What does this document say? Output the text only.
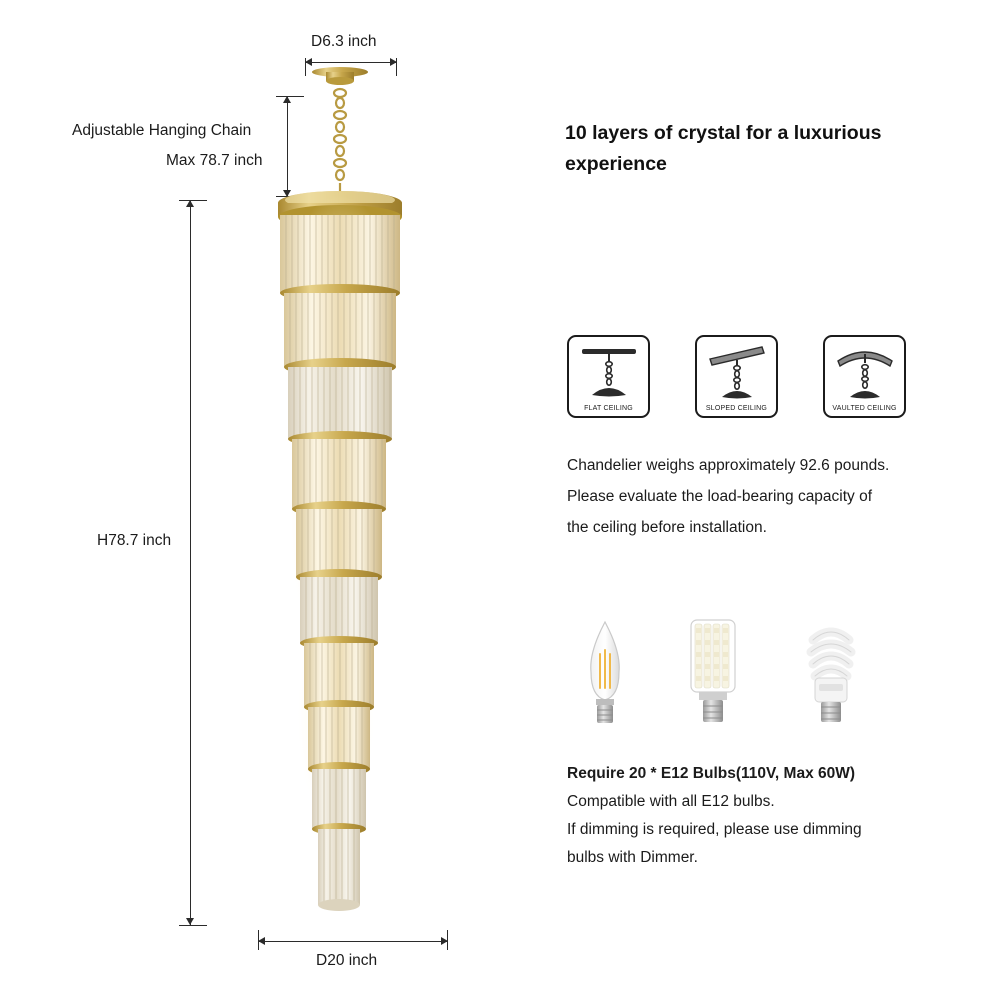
D6.3 inch
Adjustable Hanging Chain
Max 78.7 inch
H78.7 inch
D20 inch
10 layers of crystal for a luxurious experience
FLAT CEILING	SLOPED CEILING	VAULTED CEILING
Chandelier weighs approximately 92.6 pounds.
Please evaluate the load-bearing capacity of
the ceiling before installation.
Require 20 * E12 Bulbs(110V, Max 60W)
Compatible with all E12 bulbs.
If dimming is required, please use dimming
bulbs with Dimmer.
